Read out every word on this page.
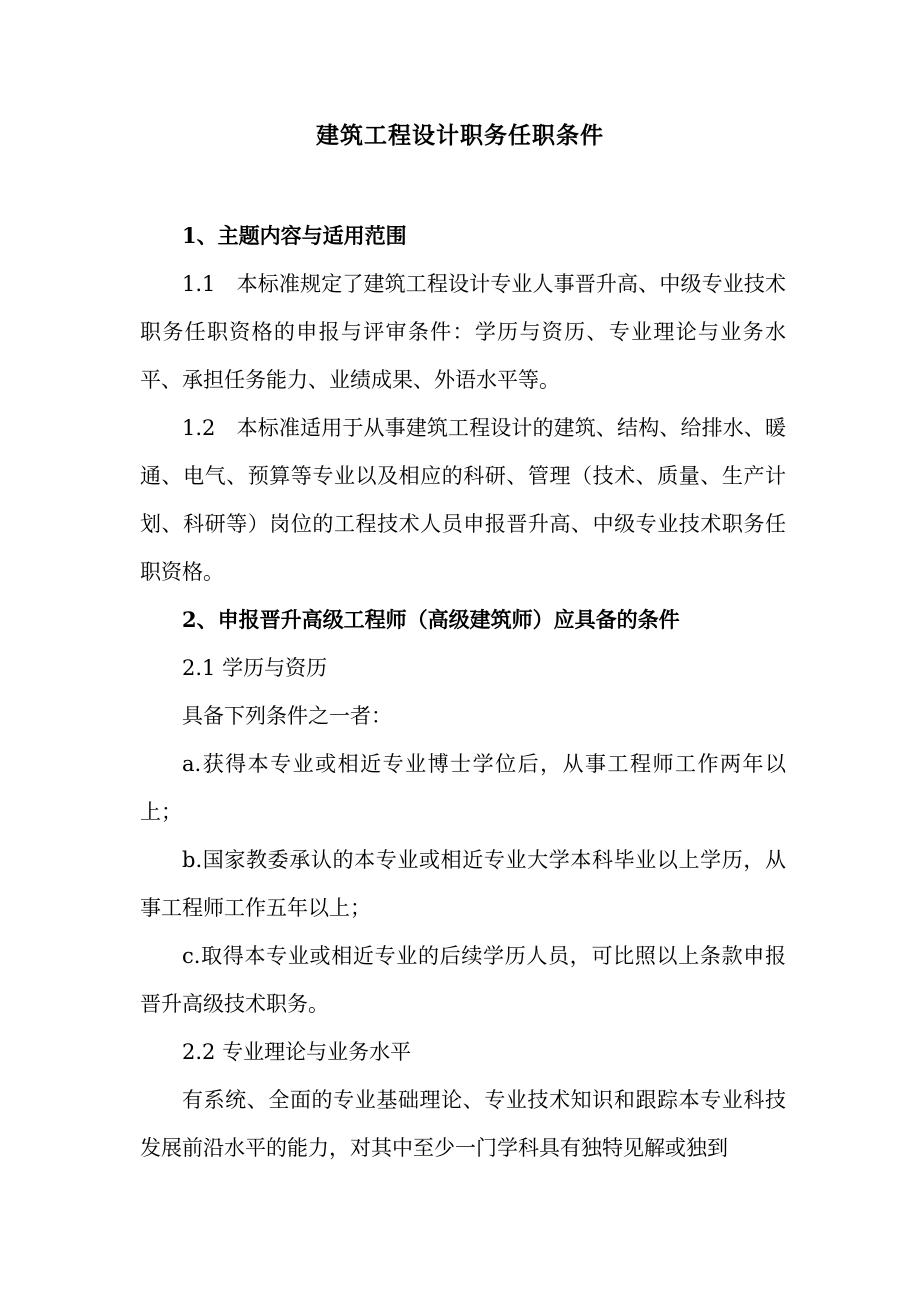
建筑工程设计职务任职条件

1、主题内容与适用范围

1.1　本标准规定了建筑工程设计专业人事晋升高、中级专业技术职务任职资格的申报与评审条件：学历与资历、专业理论与业务水平、承担任务能力、业绩成果、外语水平等。

1.2　本标准适用于从事建筑工程设计的建筑、结构、给排水、暖通、电气、预算等专业以及相应的科研、管理（技术、质量、生产计划、科研等）岗位的工程技术人员申报晋升高、中级专业技术职务任职资格。

2、申报晋升高级工程师（高级建筑师）应具备的条件

2.1 学历与资历

具备下列条件之一者：

a.获得本专业或相近专业博士学位后，从事工程师工作两年以上；

b.国家教委承认的本专业或相近专业大学本科毕业以上学历，从事工程师工作五年以上；

c.取得本专业或相近专业的后续学历人员，可比照以上条款申报晋升高级技术职务。

2.2 专业理论与业务水平

有系统、全面的专业基础理论、专业技术知识和跟踪本专业科技发展前沿水平的能力，对其中至少一门学科具有独特见解或独到
